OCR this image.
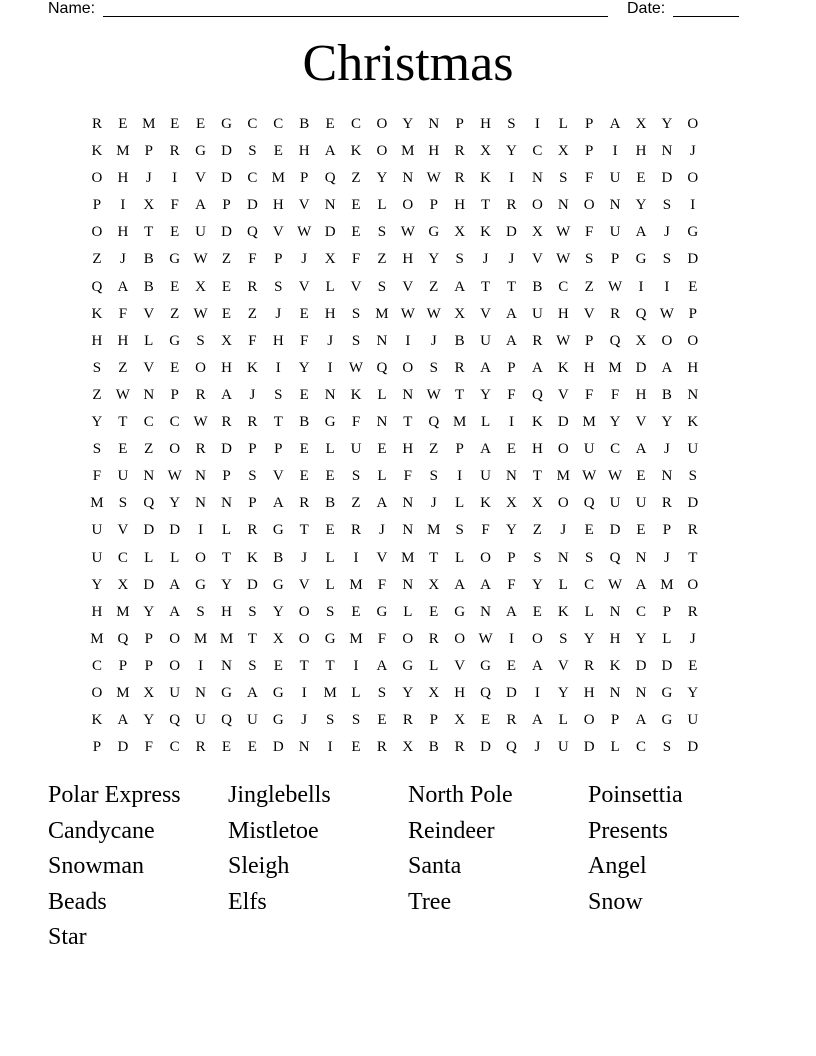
Name:	Date:
Christmas
R	E M E	E	G	C	C	B	E	C	O	Y	N	P	H	S	I	L	P	A	X	Y	O
K M	P	R	G	D	S	E	H	A	K	O M H	R	X	Y	C	X	P	I	H	N	J
O	H	J	I	V	D	C M	P	Q	Z	Y	N W R	K	I	N	S	F	U	E	D	O
P	I	X	F	A	P	D	H	V	N	E	L	O	P	H	T	R	O	N	O	N	Y	S	I
O	H	T	E	U	D	Q	V W D	E	S W G	X	K	D	X W F	U	A	J	G
Z	J	B	G W Z	F	P	J	X	F	Z	H	Y	S	J	J	V W S	P	G	S	D
Q	A	B	E	X	E	R	S	V	L	V	S	V	Z	A	T	T	B	C	Z W	I	I	E
K	F	V	Z W E	Z	J	E	H	S	M W W X	V	A	U	H	V	R	Q W P
H	H	L	G	S	X	F	H	F	J	S	N	I	J	B	U	A	R W P	Q	X	O	O
S	Z	V	E	O	H	K	I	Y	I	W Q	O	S	R	A	P	A	K	H M D	A	H
Z W N	P	R	A	J	S	E	N	K	L	N W T	Y	F	Q	V	F	F	H	B	N
Y	T	C	C W R	R	T	B	G	F	N	T	Q M L	I	K	D M Y	V	Y	K
S	E	Z	O	R	D	P	P	E	L	U	E	H	Z	P	A	E	H	O	U	C	A	J	U
F	U	N W N	P	S	V	E	E	S	L	F	S	I	U	N	T M W W E	N	S
M	S	Q	Y	N	N	P	A	R	B	Z	A	N	J	L	K	X	X	O	Q	U	U	R	D
U	V	D	D	I	L	R	G	T	E	R	J	N M	S	F	Y	Z	J	E	D	E	P	R
U	C	L	L	O	T	K	B	J	L	I	V M T	L	O	P	S	N	S	Q	N	J	T
Y	X	D	A	G	Y	D	G	V	L M	F	N	X	A	A	F	Y	L	C W A M O
H M Y	A	S	H	S	Y	O	S	E	G	L	E	G	N	A	E	K	L	N	C	P	R
M Q	P	O M M T	X	O	G M	F	O	R	O W	I	O	S	Y	H	Y	L	J
C	P	P	O	I	N	S	E	T	T	I	A	G	L	V	G	E	A	V	R	K	D	D	E
O M X	U	N	G	A	G	I	M L	S	Y	X	H	Q	D	I	Y	H	N	N	G	Y
K	A	Y	Q	U	Q	U	G	J	S	S	E	R	P	X	E	R	A	L	O	P	A	G	U
P	D	F	C	R	E	E	D	N	I	E	R	X	B	R	D	Q	J	U	D	L	C	S	D
Polar Express	Jinglebells	North Pole	Poinsettia
Candycane	Mistletoe	Reindeer	Presents
Snowman	Sleigh	Santa	Angel
Beads	Elfs	Tree	Snow
Star
